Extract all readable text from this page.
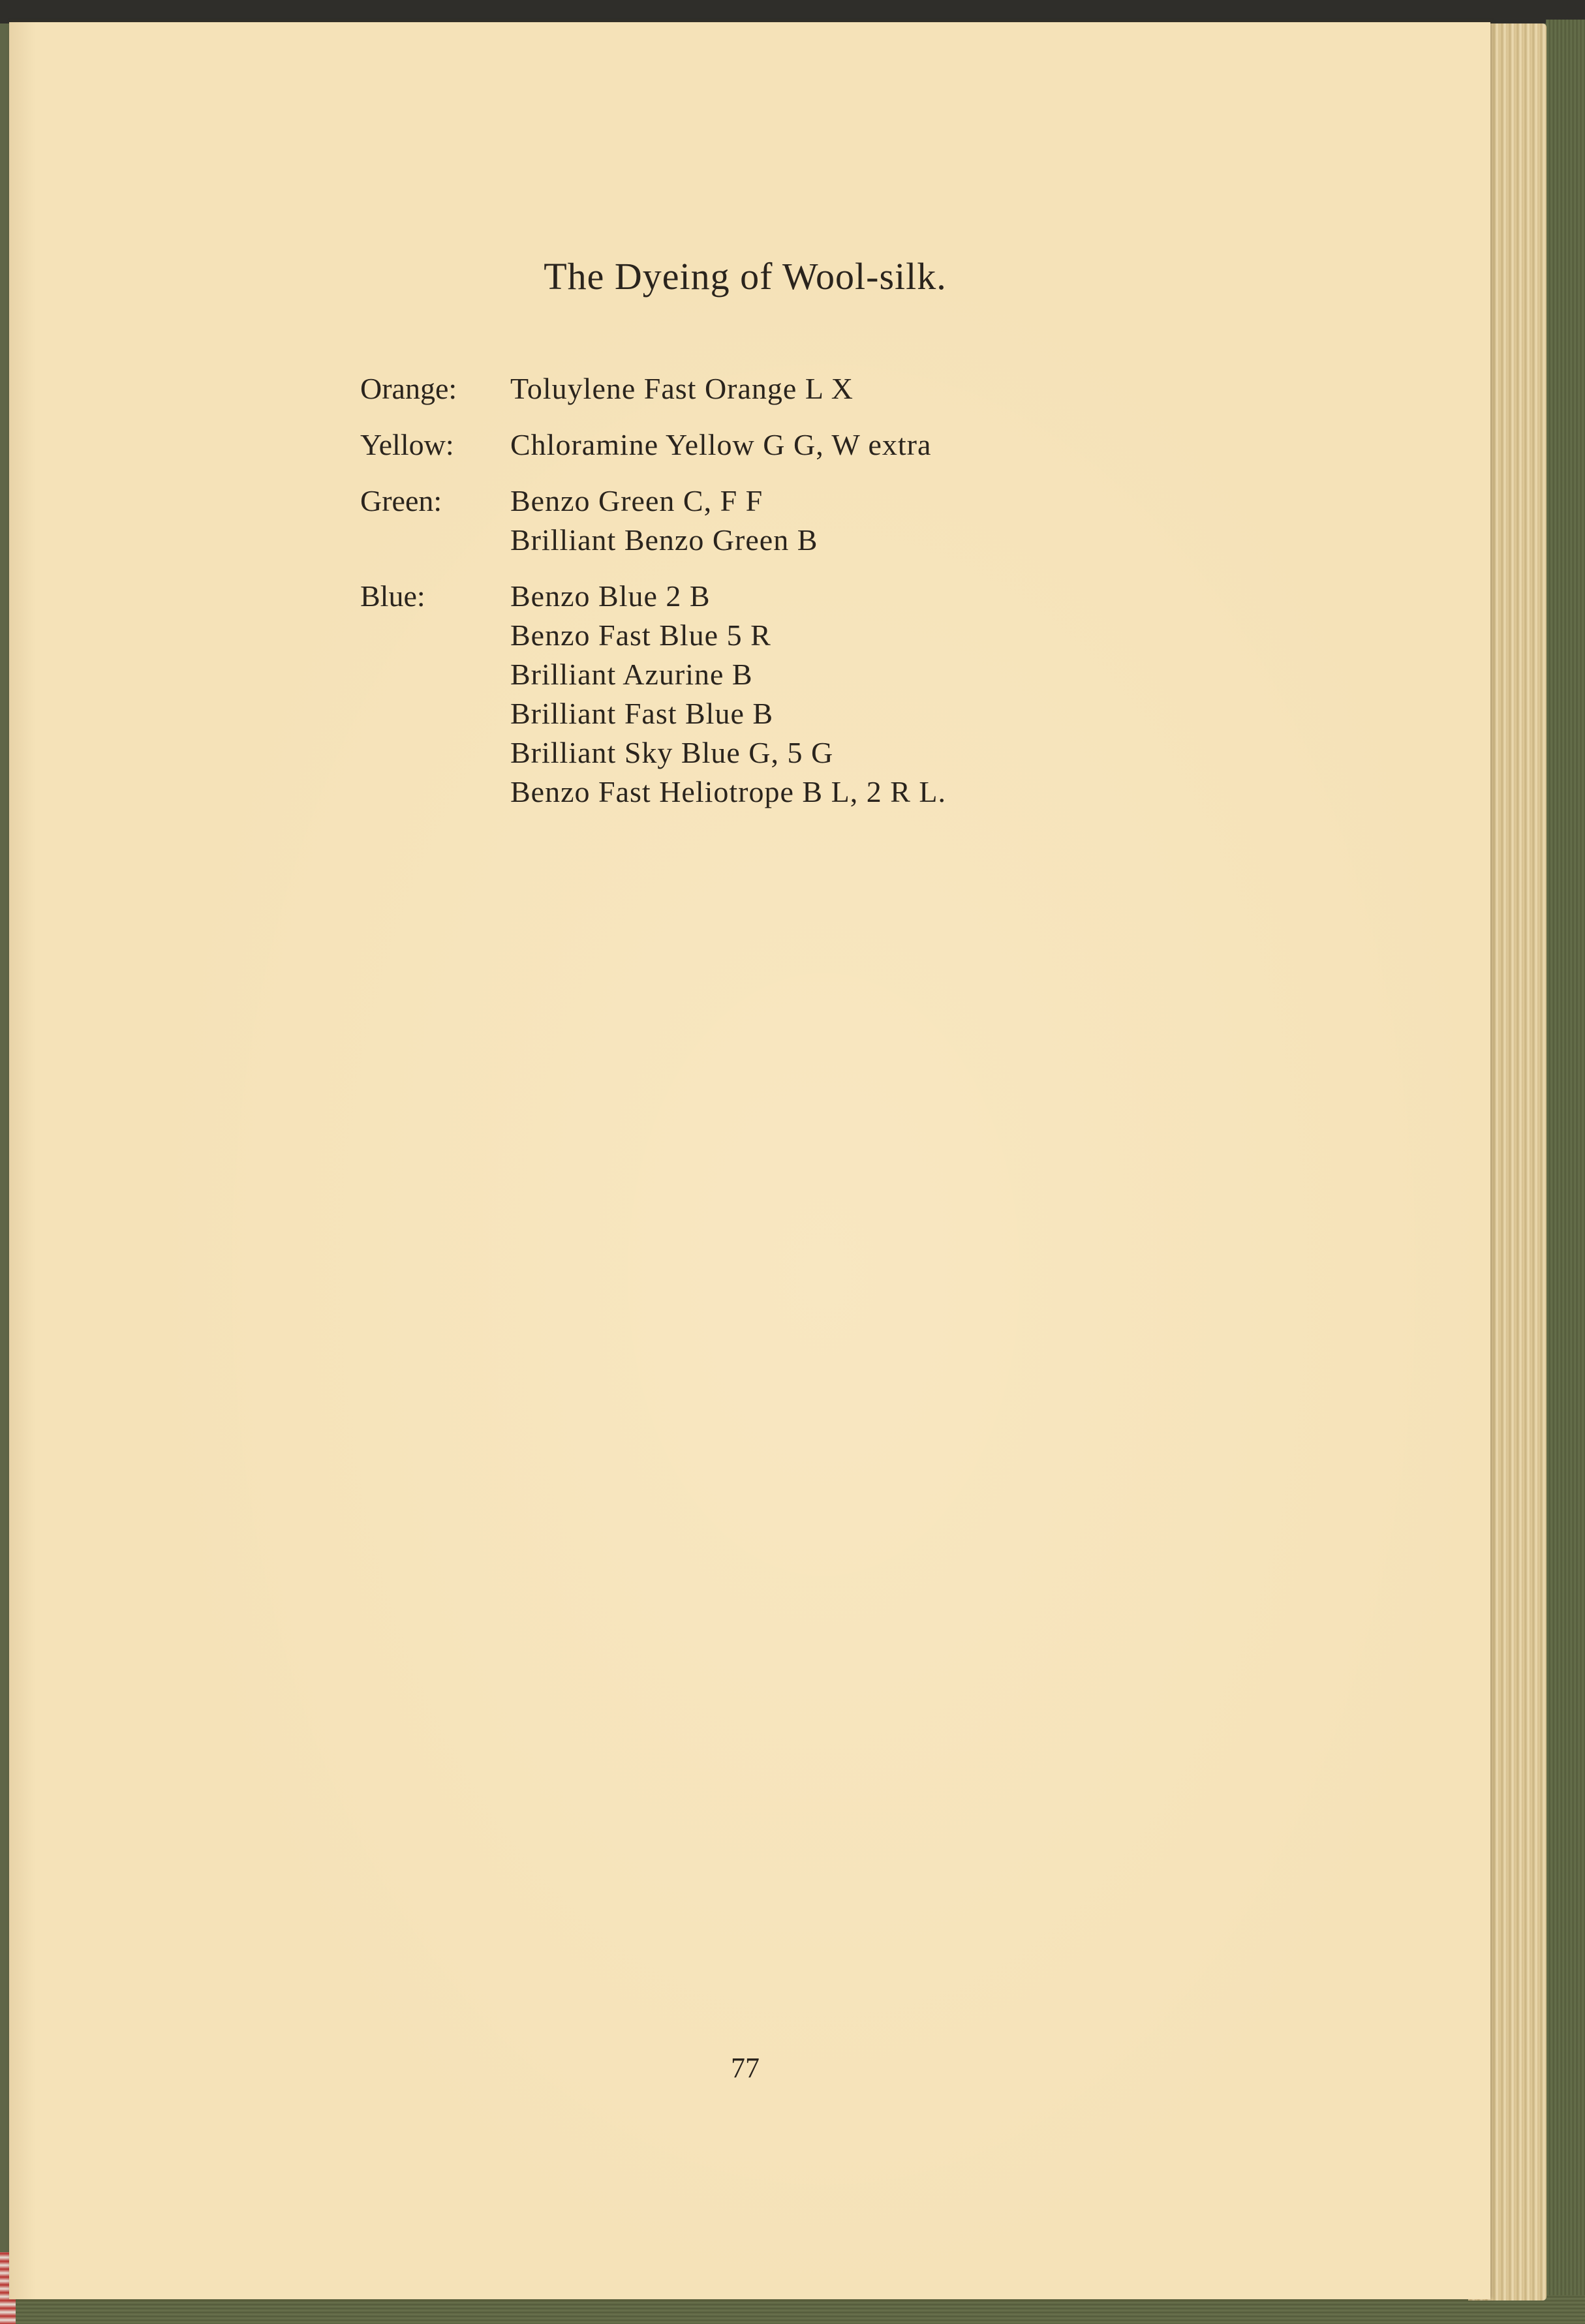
The Dyeing of Wool-silk.
Orange:	Toluylene Fast Orange L X
Yellow:	Chloramine Yellow G G, W extra
Green:	Benzo Green C, F F
Brilliant Benzo Green B
Blue:	Benzo Blue 2 B
Benzo Fast Blue 5 R
Brilliant Azurine B
Brilliant Fast Blue B
Brilliant Sky Blue G, 5 G
Benzo Fast Heliotrope B L, 2 R L.
77
